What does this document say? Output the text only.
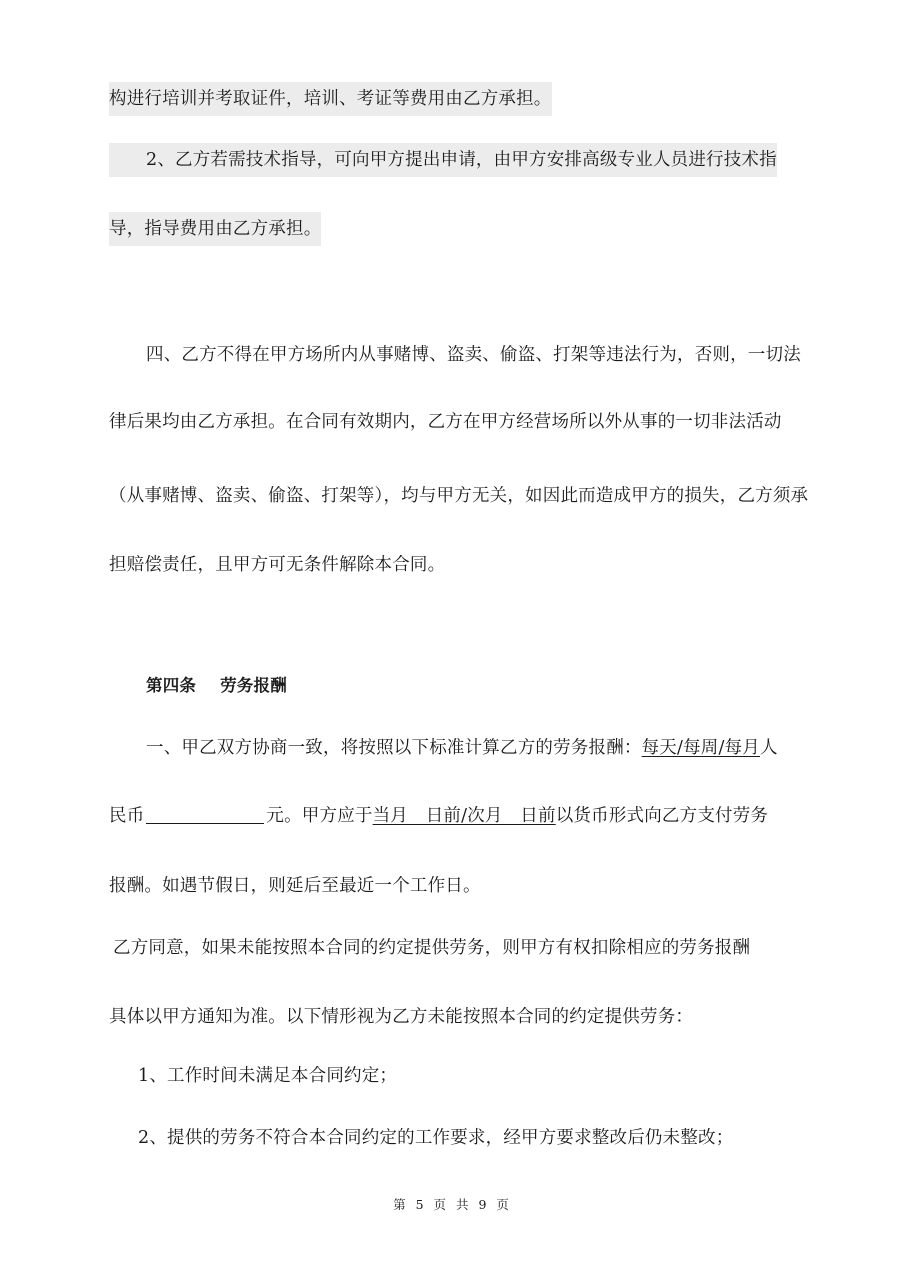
构进行培训并考取证件，培训、考证等费用由乙方承担。
2、乙方若需技术指导，可向甲方提出申请，由甲方安排高级专业人员进行技术指
导，指导费用由乙方承担。
四、乙方不得在甲方场所内从事赌博、盗卖、偷盗、打架等违法行为，否则，一切法
律后果均由乙方承担。在合同有效期内，乙方在甲方经营场所以外从事的一切非法活动
（从事赌博、盗卖、偷盗、打架等），均与甲方无关，如因此而造成甲方的损失，乙方须承
担赔偿责任，且甲方可无条件解除本合同。
第四条 劳务报酬
一、甲乙双方协商一致，将按照以下标准计算乙方的劳务报酬：每天/每周/每月人
民币	元。甲方应于当月　日前/次月　日前以货币形式向乙方支付劳务
报酬。如遇节假日，则延后至最近一个工作日。
乙方同意，如果未能按照本合同的约定提供劳务，则甲方有权扣除相应的劳务报酬
具体以甲方通知为准。以下情形视为乙方未能按照本合同的约定提供劳务：
1、工作时间未满足本合同约定；
2、提供的劳务不符合本合同约定的工作要求，经甲方要求整改后仍未整改；
第 5 页 共 9 页
